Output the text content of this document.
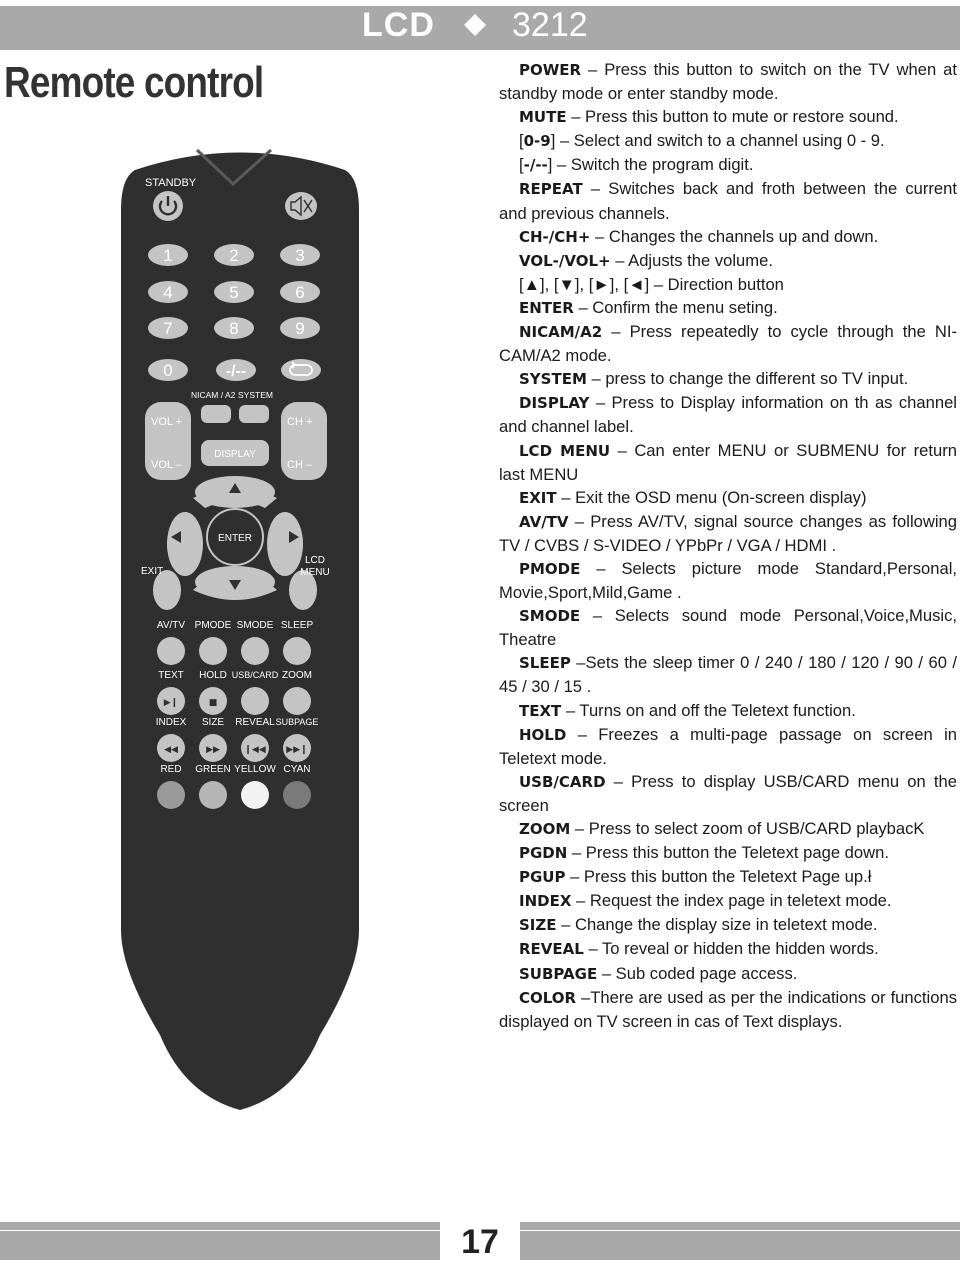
LCD 3212
Remote control
STANDBY
1	2	3
4	5	6
7	8	9
0	-/--
NICAM / A2 SYSTEM
VOL +
VOL –
CH +
CH –
DISPLAY
ENTER
EXIT
LCD
MENU
AV/TV PMODE SMODE SLEEP
TEXT
▶❙
HOLD
■
USB/CARD ZOOM
INDEX
◀◀
SIZE
▶▶
REVEAL
❙◀◀
SUBPAGE
▶▶❙
RED GREEN YELLOW CYAN

POWER – Press this button to switch on the TV when at standby mode or enter standby mode.

MUTE – Press this button to mute or restore sound.

[0-9] – Select and switch to a channel using 0 - 9.

[-/--] – Switch the program digit.

REPEAT – Switches back and froth between the current and previous channels.

CH-/CH+ – Changes the channels up and down.

VOL-/VOL+ – Adjusts the volume.

[▲], [▼], [►], [◄] – Direction button

ENTER – Confirm the menu seting.

NICAM/A2 – Press repeatedly to cycle through the NI-CAM/A2 mode.

SYSTEM – press to change the different so TV input.

DISPLAY – Press to Display information on th as channel and channel label.

LCD MENU – Can enter MENU or SUBMENU for return last MENU

EXIT – Exit the OSD menu (On-screen display)

AV/TV – Press AV/TV, signal source changes as following TV / CVBS / S-VIDEO / YPbPr / VGA / HDMI .

PMODE – Selects picture mode Standard,Personal, Movie,Sport,Mild,Game .

SMODE – Selects sound mode Personal,Voice,Music, Theatre

SLEEP –Sets the sleep timer 0 / 240 / 180 / 120 / 90 / 60 / 45 / 30 / 15 .

TEXT – Turns on and off the Teletext function.

HOLD – Freezes a multi-page passage on screen in Teletext mode.

USB/CARD – Press to display USB/CARD menu on the screen

ZOOM – Press to select zoom of USB/CARD playbacK

PGDN – Press this button the Teletext page down.

PGUP – Press this button the Teletext Page up.ł

INDEX – Request the index page in teletext mode.

SIZE – Change the display size in teletext mode.

REVEAL – To reveal or hidden the hidden words.

SUBPAGE – Sub coded page access.

COLOR –There are used as per the indications or functions displayed on TV screen in cas of Text displays.

17
